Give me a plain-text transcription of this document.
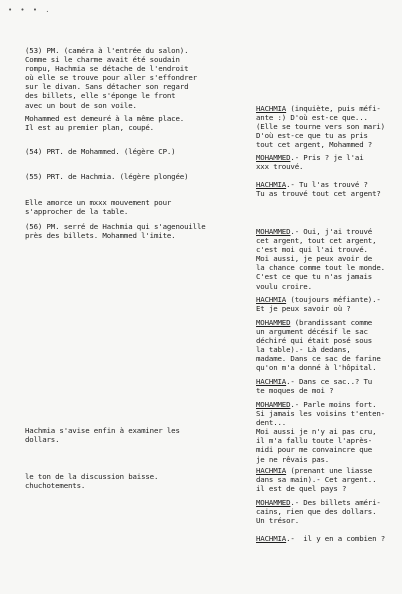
• • • .
(53) PM. (caméra à l'entrée du salon).
Comme si le charme avait été soudain
rompu, Hachmia se détache de l'endroit
où elle se trouve pour aller s'effondrer
sur le divan. Sans détacher son regard
des billets, elle s'éponge le front
avec un bout de son voile.
Mohammed est demeuré à la même place.
Il est au premier plan, coupé.
(54) PRT. de Mohammed. (légère CP.)
(55) PRT. de Hachmia. (légère plongée)
Elle amorce un mxxx mouvement pour
s'approcher de la table.
(56) PM. serré de Hachmia qui s'agenouille
près des billets. Mohammed l'imite.
Hachmia s'avise enfin à examiner les
dollars.
le ton de la discussion baisse.
chuchotements.
HACHMIA (inquiète, puis méfi-
ante :) D'où est-ce que...
(Elle se tourne vers son mari)
D'où est-ce que tu as pris
tout cet argent, Mohammed ?
MOHAMMED.- Pris ? je l'ai
xxx trouvé.
HACHMIA.- Tu l'as trouvé ?
Tu as trouvé tout cet argent?
MOHAMMED.- Oui, j'ai trouvé
cet argent, tout cet argent,
c'est moi qui l'ai trouvé.
Moi aussi, je peux avoir de
la chance comme tout le monde.
C'est ce que tu n'as jamais
voulu croire.
HACHMIA (toujours méfiante).-
Et je peux savoir où ?
MOHAMMED (brandissant comme
un argument décésif le sac
déchiré qui était posé sous
la table).- Là dedans,
madame. Dans ce sac de farine
qu'on m'a donné à l'hôpital.
HACHMIA.- Dans ce sac..? Tu
te moques de moi ?
MOHAMMED.- Parle moins fort.
Si jamais les voisins t'enten-
dent...
Moi aussi je n'y ai pas cru,
il m'a fallu toute l'après-
midi pour me convaincre que
je ne rêvais pas.
HACHMIA (prenant une liasse
dans sa main).- Cet argent..
il est de quel pays ?
MOHAMMED.- Des billets améri-
cains, rien que des dollars.
Un trésor.
HACHMIA.-  il y en a combien ?
